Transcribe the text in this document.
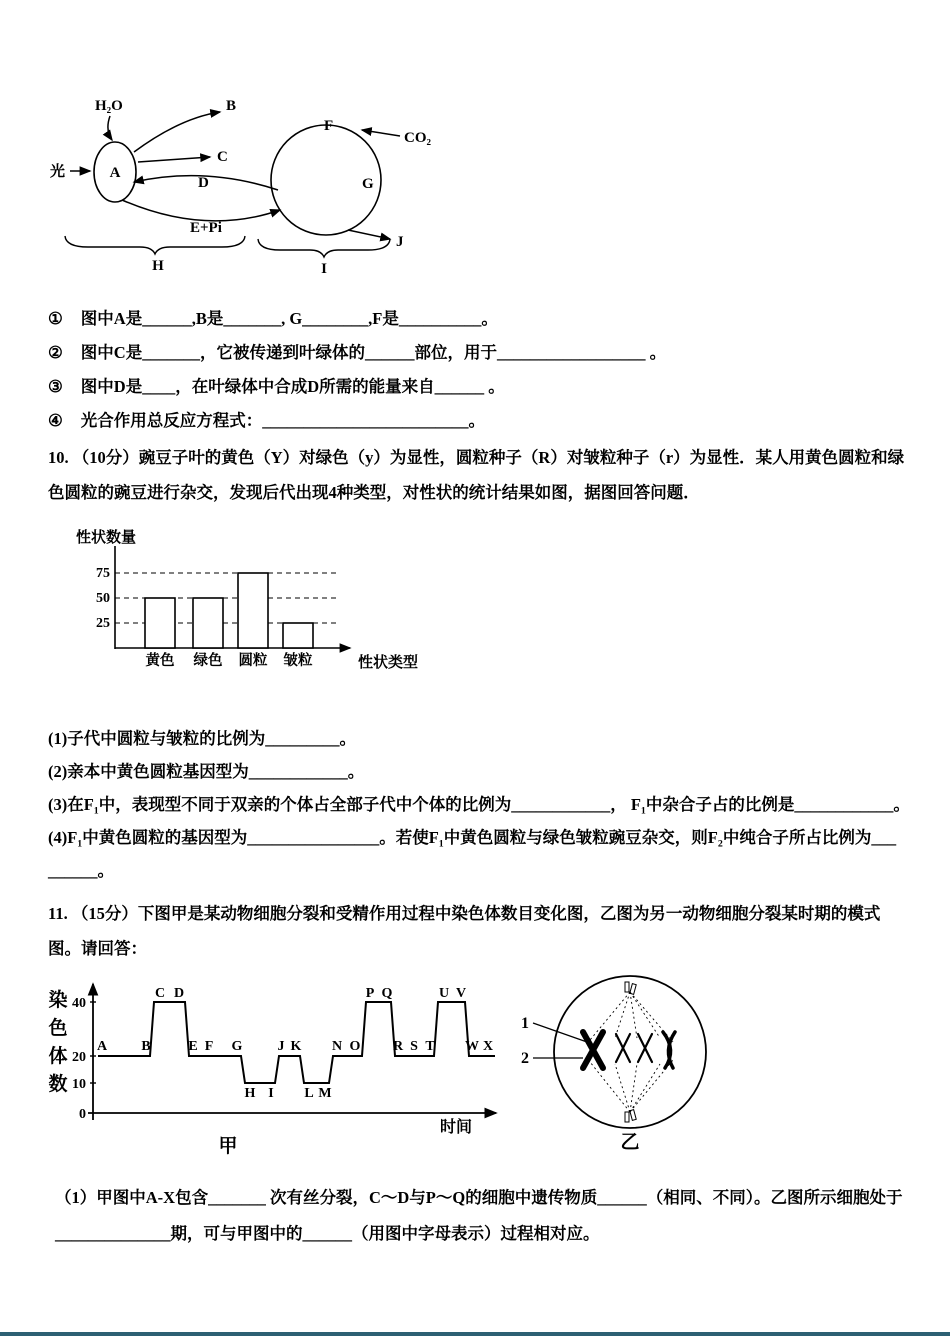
光	A
H₂O	B
C
D
E+Pi
F
G
CO₂
J
H	I
① 图中A是______,B是_______, G________,F是__________。
② 图中C是_______，它被传递到叶绿体的______部位，用于__________________ 。
③ 图中D是____，在叶绿体中合成D所需的能量来自______ 。
④ 光合作用总反应方程式：_________________________。
10. （10分）豌豆子叶的黄色（Y）对绿色（y）为显性，圆粒种子（R）对皱粒种子（r）为显性．某人用黄色圆粒和绿色圆粒的豌豆进行杂交，发现后代出现4种类型，对性状的统计结果如图，据图回答问题．
性状数量
75
50
25
黄色 绿色 圆粒 皱粒	性状类型
(1)子代中圆粒与皱粒的比例为_________。
(2)亲本中黄色圆粒基因型为____________。
(3)在F₁中，表现型不同于双亲的个体占全部子代中个体的比例为____________， F₁中杂合子占的比例是____________。
(4)F₁中黄色圆粒的基因型为________________。若使F₁中黄色圆粒与绿色皱粒豌豆杂交，则F₂中纯合子所占比例为___ ______。
11. （15分）下图甲是某动物细胞分裂和受精作用过程中染色体数目变化图，乙图为另一动物细胞分裂某时期的模式图。请回答：
染
色
体
数
40
20
10
0
A B
C D
E F G
H I
J K
L M
N O
P Q
R S T
U V
W X
时间
甲
1
2
乙
（1）甲图中A-X包含_______ 次有丝分裂，C～D与P～Q的细胞中遗传物质______（相同、不同）。乙图所示细胞处于______________期，可与甲图中的______（用图中字母表示）过程相对应。
